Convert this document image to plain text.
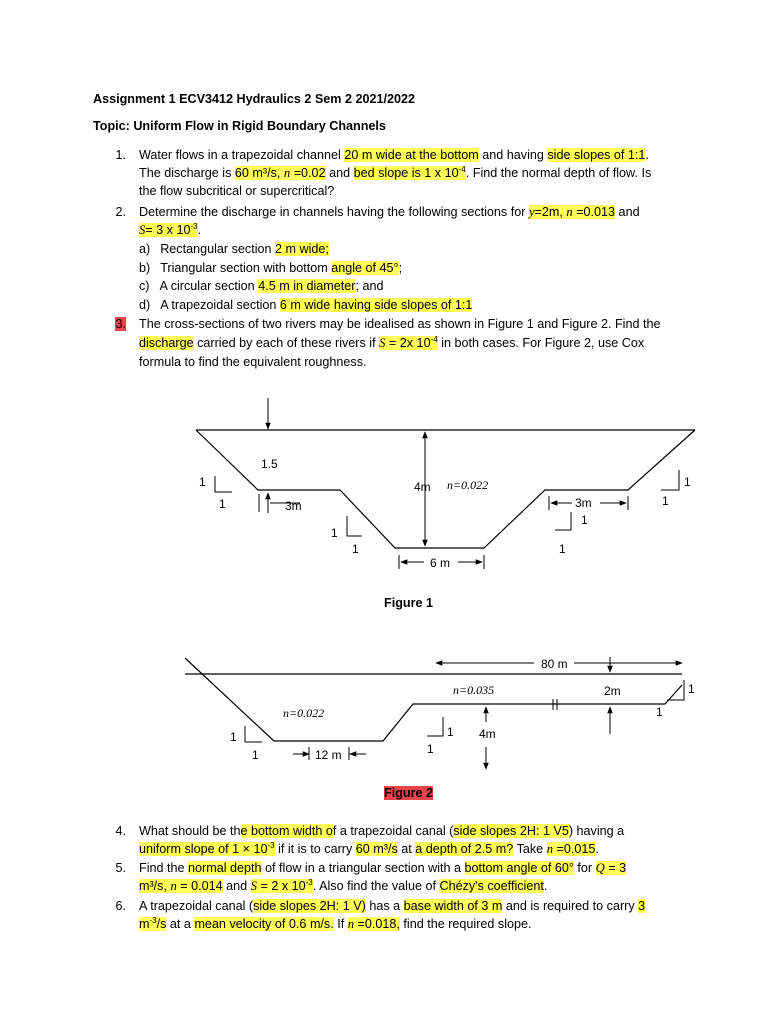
Assignment 1 ECV3412 Hydraulics 2 Sem 2 2021/2022
Topic: Uniform Flow in Rigid Boundary Channels
1. Water flows in a trapezoidal channel 20 m wide at the bottom and having side slopes of 1:1.
The discharge is 60 m³/s, n =0.02 and bed slope is 1 x $10^{-4}$. Find the normal depth of flow. Is
the flow subcritical or supercritical?
2. Determine the discharge in channels having the following sections for y=2m, n =0.013 and
S= 3 x $10^{-3}$.
a) Rectangular section 2 m wide;
b) Triangular section with bottom angle of 45°;
c) A circular section 4.5 m in diameter; and
d) A trapezoidal section 6 m wide having side slopes of 1:1
3. The cross-sections of two rivers may be idealised as shown in Figure 1 and Figure 2. Find the
discharge carried by each of these rivers if S = 2x $10^{-4}$ in both cases. For Figure 2, use Cox
formula to find the equivalent roughness.
1.5
1
1	3m
4m n=0.022
3m
1
1
1	1
1
1
6 m
Figure 1
80 m
n=0.035	2m	1
1
n=0.022
1 4m
1
1	12 m	1
Figure 2
4. What should be the bottom width of a trapezoidal canal (side slopes 2H: 1 V5) having a
uniform slope of $1 \times 10^{-3}$ if it is to carry 60 m³/s at a depth of 2.5 m? Take n =0.015.
5. Find the normal depth of flow in a triangular section with a bottom angle of 60° for Q = 3
m³/s, n = 0.014 and S = 2 x $10^{-3}$. Also find the value of Chézy's coefficient.
6. A trapezoidal canal (side slopes 2H: 1 V) has a base width of 3 m and is required to carry 3
$m^{-3}/s$ at a mean velocity of 0.6 m/s. If n =0.018, find the required slope.
